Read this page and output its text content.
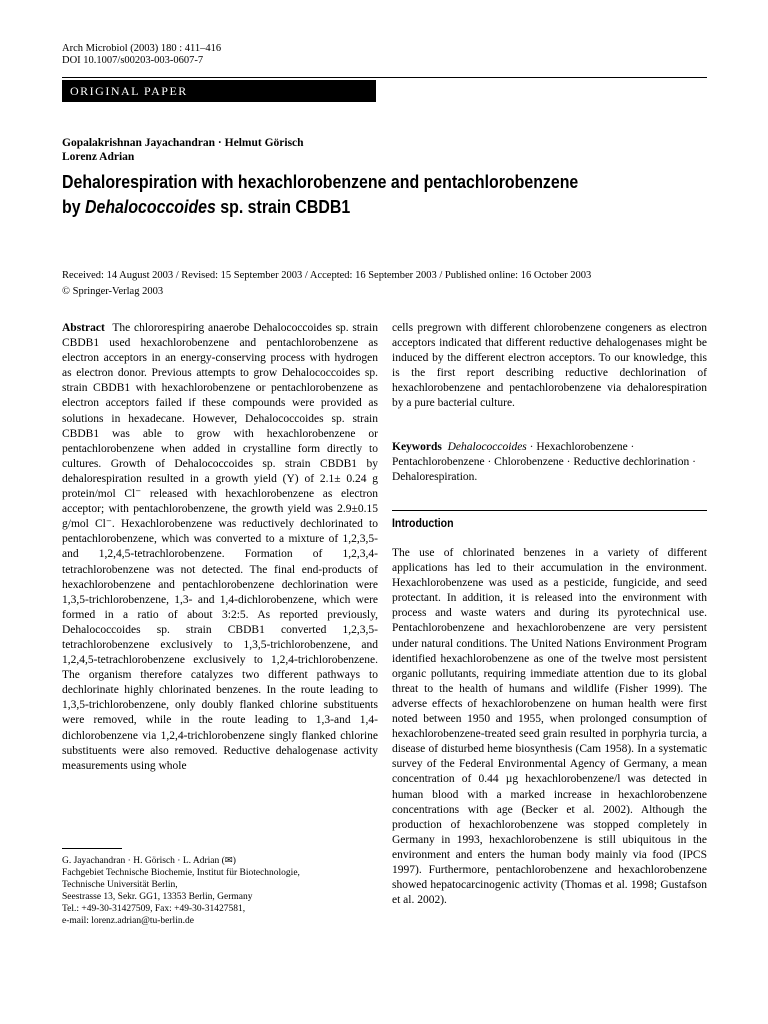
Arch Microbiol (2003) 180 : 411–416
DOI 10.1007/s00203-003-0607-7
ORIGINAL PAPER
Gopalakrishnan Jayachandran · Helmut Görisch
Lorenz Adrian
Dehalorespiration with hexachlorobenzene and pentachlorobenzene
by Dehalococcoides sp. strain CBDB1
Received: 14 August 2003 / Revised: 15 September 2003 / Accepted: 16 September 2003 / Published online: 16 October 2003
© Springer-Verlag 2003

Abstract The chlororespiring anaerobe Dehalococcoides sp. strain CBDB1 used hexachlorobenzene and pentachlorobenzene as electron acceptors in an energy-conserving process with hydrogen as electron donor. Previous attempts to grow Dehalococcoides sp. strain CBDB1 with hexachlorobenzene or pentachlorobenzene as electron acceptors failed if these compounds were provided as solutions in hexadecane. However, Dehalococcoides sp. strain CBDB1 was able to grow with hexachlorobenzene or pentachlorobenzene when added in crystalline form directly to cultures. Growth of Dehalococcoides sp. strain CBDB1 by dehalorespiration resulted in a growth yield (Y) of 2.1± 0.24 g protein/mol Cl⁻ released with hexachlorobenzene as electron acceptor; with pentachlorobenzene, the growth yield was 2.9±0.15 g/mol Cl⁻. Hexachlorobenzene was reductively dechlorinated to pentachlorobenzene, which was converted to a mixture of 1,2,3,5- and 1,2,4,5-tetrachlorobenzene. Formation of 1,2,3,4-tetrachlorobenzene was not detected. The final end-products of hexachlorobenzene and pentachlorobenzene dechlorination were 1,3,5-trichlorobenzene, 1,3- and 1,4-dichlorobenzene, which were formed in a ratio of about 3:2:5. As reported previously, Dehalococcoides sp. strain CBDB1 converted 1,2,3,5-tetrachlorobenzene exclusively to 1,3,5-trichlorobenzene, and 1,2,4,5-tetrachlorobenzene exclusively to 1,2,4-trichlorobenzene. The organism therefore catalyzes two different pathways to dechlorinate highly chlorinated benzenes. In the route leading to 1,3,5-trichlorobenzene, only doubly flanked chlorine substituents were removed, while in the route leading to 1,3-and 1,4-dichlorobenzene via 1,2,4-trichlorobenzene singly flanked chlorine substituents were also removed. Reductive dehalogenase activity measurements using whole

cells pregrown with different chlorobenzene congeners as electron acceptors indicated that different reductive dehalogenases might be induced by the different electron acceptors. To our knowledge, this is the first report describing reductive dechlorination of hexachlorobenzene and pentachlorobenzene via dehalorespiration by a pure bacterial culture.

Keywords Dehalococcoides · Hexachlorobenzene · Pentachlorobenzene · Chlorobenzene · Reductive dechlorination · Dehalorespiration.

Introduction

The use of chlorinated benzenes in a variety of different applications has led to their accumulation in the environment. Hexachlorobenzene was used as a pesticide, fungicide, and seed protectant. In addition, it is released into the environment with process and waste waters and during its pyrotechnical use. Pentachlorobenzene and hexachlorobenzene are very persistent under natural conditions. The United Nations Environment Program identified hexachlorobenzene as one of the twelve most persistent organic pollutants, requiring immediate attention due to its global threat to the health of humans and wildlife (Fisher 1999). The adverse effects of hexachlorobenzene on human health were first noted between 1950 and 1955, when prolonged consumption of hexachlorobenzene-treated seed grain resulted in porphyria turcia, a disease of disturbed heme biosynthesis (Cam 1958). In a systematic survey of the Federal Environmental Agency of Germany, a mean concentration of 0.44 µg hexachlorobenzene/l was detected in human blood with a marked increase in hexachlorobenzene concentrations with age (Becker et al. 2002). Although the production of hexachlorobenzene was stopped completely in Germany in 1993, hexachlorobenzene is still ubiquitous in the environment and enters the human body mainly via food (IPCS 1997). Furthermore, pentachlorobenzene and hexachlorobenzene showed hepatocarcinogenic activity (Thomas et al. 1998; Gustafson et al. 2002).

G. Jayachandran · H. Görisch · L. Adrian (✉)
Fachgebiet Technische Biochemie, Institut für Biotechnologie,
Technische Universität Berlin,
Seestrasse 13, Sekr. GG1, 13353 Berlin, Germany
Tel.: +49-30-31427509, Fax: +49-30-31427581,
e-mail: lorenz.adrian@tu-berlin.de
